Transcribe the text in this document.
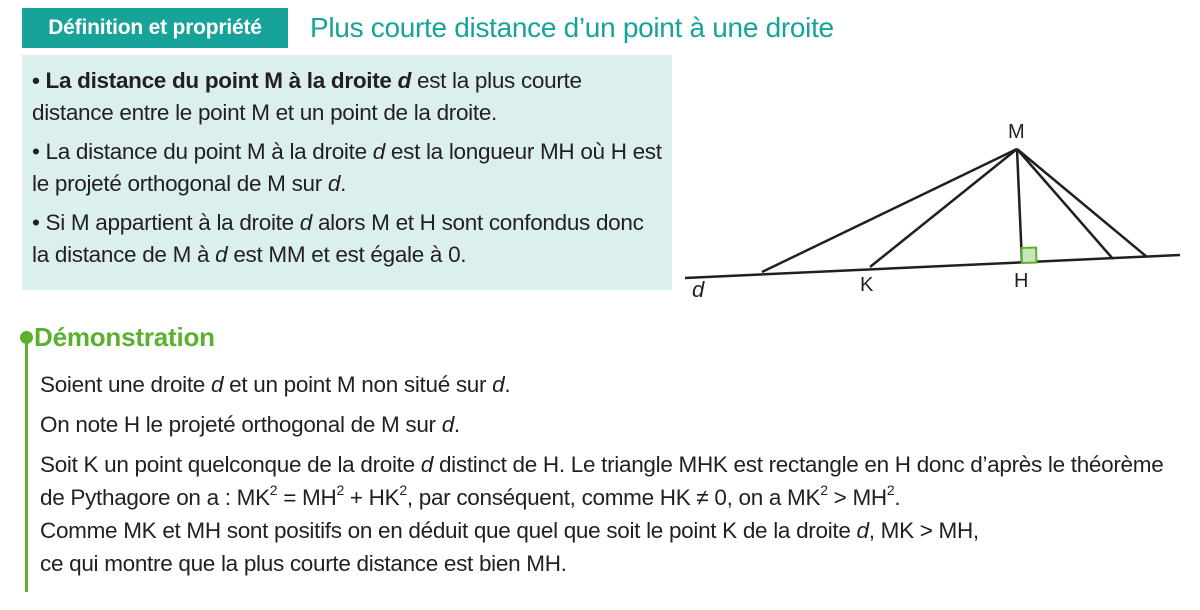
Définition et propriété	Plus courte distance d’un point à une droite

• La distance du point M à la droite d est la plus courte distance entre le point M et un point de la droite.

• La distance du point M à la droite d est la longueur MH où H est le projeté orthogonal de M sur d.

• Si M appartient à la droite d alors M et H sont confondus donc la distance de M à d est MM et est égale à 0.

M
H
K
d
Démonstration

Soient une droite d et un point M non situé sur d.

On note H le projeté orthogonal de M sur d.

Soit K un point quelconque de la droite d distinct de H. Le triangle MHK est rectangle en H donc d’après le théorème de Pythagore on a : $MK^2 = MH^2 + HK^2$, par conséquent, comme HK ≠ 0, on a $MK^2 > MH^2$.
Comme MK et MH sont positifs on en déduit que quel que soit le point K de la droite d, MK > MH,
ce qui montre que la plus courte distance est bien MH.
